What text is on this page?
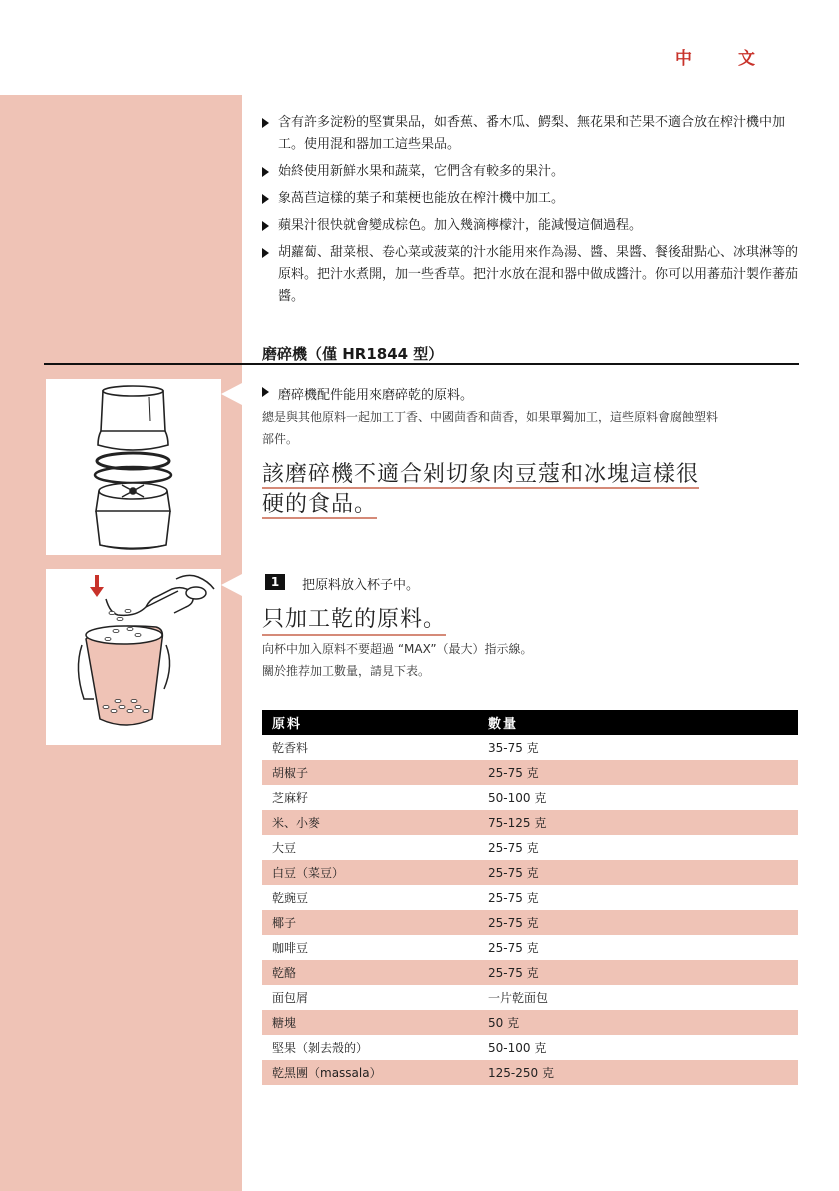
中	文
含有許多淀粉的堅實果品，如香蕉、番木瓜、鰐梨、無花果和芒果不適合放在榨汁機中加工。使用混和器加工這些果品。
始終使用新鮮水果和蔬菜，它們含有較多的果汁。
象萵苣這樣的葉子和葉梗也能放在榨汁機中加工。
蘋果汁很快就會變成棕色。加入幾滴檸檬汁，能減慢這個過程。
胡蘿蔔、甜菜根、卷心菜或菠菜的汁水能用來作為湯、醬、果醬、餐後甜點心、冰琪淋等的原料。把汁水煮開，加一些香草。把汁水放在混和器中做成醬汁。你可以用蕃茄汁製作蕃茄醬。
磨碎機（僅 HR1844 型）
磨碎機配件能用來磨碎乾的原料。
總是與其他原料一起加工丁香、中國茴香和茴香，如果單獨加工，這些原料會腐蝕塑料部件。
該磨碎機不適合剁切象肉豆蔻和冰塊這樣很硬的食品。
1	把原料放入杯子中。
只加工乾的原料。
向杯中加入原料不要超過 “MAX”（最大）指示線。
關於推荐加工數量，請見下表。
原料	數量
乾香料	35-75 克
胡椒子	25-75 克
芝麻籽	50-100 克
米、小麥	75-125 克
大豆	25-75 克
白豆（菜豆）	25-75 克
乾豌豆	25-75 克
椰子	25-75 克
咖啡豆	25-75 克
乾酪	25-75 克
面包屑	一片乾面包
糖塊	50 克
堅果（剝去殼的）	50-100 克
乾黑團（massala）	125-250 克
